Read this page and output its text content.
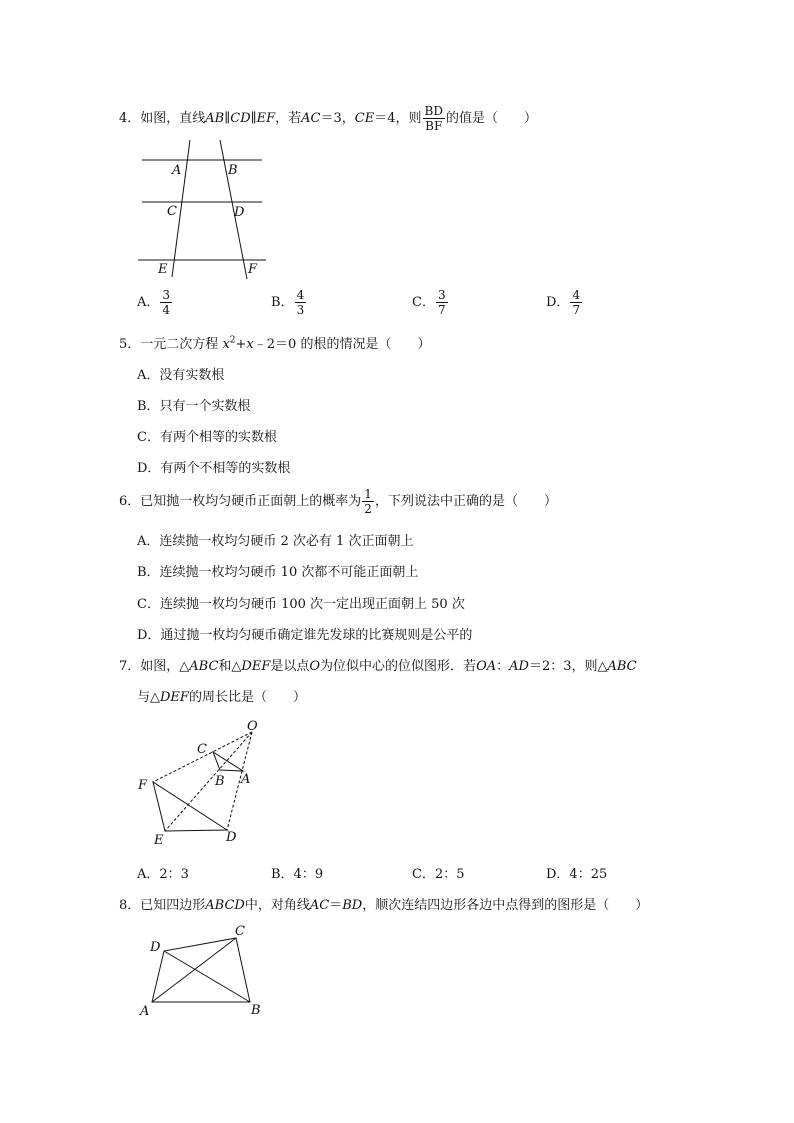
4．如图，直线AB∥CD∥EF，若AC＝3，CE＝4，则 $\frac{BD}{BF}$ 的值是（　　）
A	B
C	D
E	F
A． $\frac{3}{4}$	B． $\frac{4}{3}$	C． $\frac{3}{7}$	D． $\frac{4}{7}$
5．一元二次方程 $x^2+x﹣2=0$ 的根的情况是（　　）
A．没有实数根
B．只有一个实数根
C．有两个相等的实数根
D．有两个不相等的实数根
6．已知抛一枚均匀硬币正面朝上的概率为 $\frac{1}{2}$ ，下列说法中正确的是（　　）
A．连续抛一枚均匀硬币 2 次必有 1 次正面朝上
B．连续抛一枚均匀硬币 10 次都不可能正面朝上
C．连续抛一枚均匀硬币 100 次一定出现正面朝上 50 次
D．通过抛一枚均匀硬币确定谁先发球的比赛规则是公平的
7．如图，△ABC和△DEF是以点O为位似中心的位似图形．若OA：AD＝2：3，则△ABC
与△DEF的周长比是（　　）
O
C
A
B
F
E	D
A．2：3	B．4：9	C．2：5	D．4：25
8．已知四边形ABCD中，对角线AC＝BD，顺次连结四边形各边中点得到的图形是（　　）
D
C
A	B
